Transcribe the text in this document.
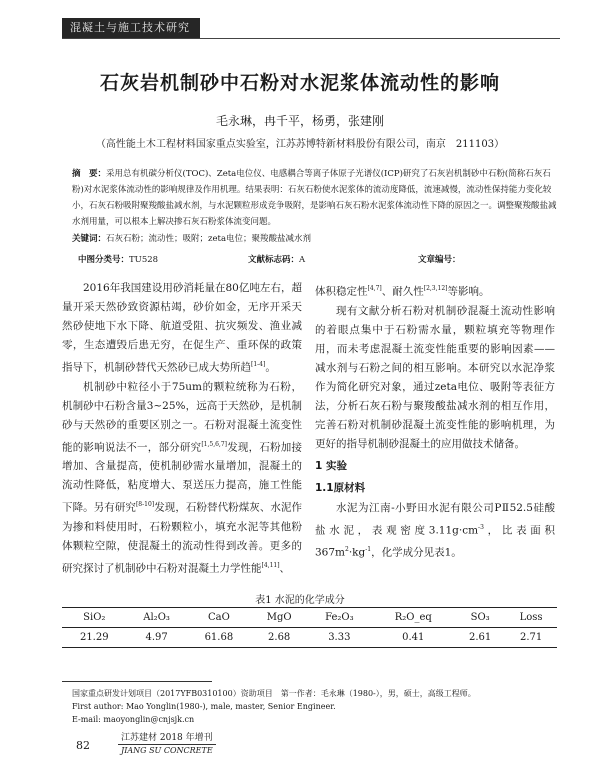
混凝土与施工技术研究
石灰岩机制砂中石粉对水泥浆体流动性的影响
毛永琳，冉千平，杨勇，张建刚
（高性能土木工程材料国家重点实验室，江苏苏博特新材料股份有限公司，南京　211103）
摘　要：采用总有机碳分析仪(TOC)、Zeta电位仪、电感耦合等离子体原子光谱仪(ICP)研究了石灰岩机制砂中石粉(简称石灰石粉)对水泥浆体流动性的影响规律及作用机理。结果表明：石灰石粉使水泥浆体的流动度降低，流速减慢，流动性保持能力变化较小，石灰石粉吸附聚羧酸盐减水剂，与水泥颗粒形成竞争吸附，是影响石灰石粉水泥浆体流动性下降的原因之一。调整聚羧酸盐减水剂用量，可以根本上解决掺石灰石粉浆体流变问题。
关键词：石灰石粉；流动性；吸附；zeta电位；聚羧酸盐减水剂
中图分类号：TU528	文献标志码：A	文章编号：

2016年我国建设用砂消耗量在80亿吨左右，超量开采天然砂致资源枯竭，砂价如金，无序开采天然砂使地下水下降、航道受阻、抗灾频发、渔业减零，生态遭毁后患无穷，在促生产、重环保的政策指导下，机制砂替代天然砂已成大势所趋[1-4]。

机制砂中粒径小于75um的颗粒统称为石粉，机制砂中石粉含量3~25%，远高于天然砂，是机制砂与天然砂的重要区别之一。石粉对混凝土流变性能的影响说法不一，部分研究[1,5,6,7]发现，石粉加接增加、含量提高，使机制砂需水量增加，混凝土的流动性降低，粘度增大、泵送压力提高，施工性能下降。另有研究[8-10]发现，石粉替代粉煤灰、水泥作为掺和料使用时，石粉颗粒小，填充水泥等其他粉体颗粒空隙，使混凝土的流动性得到改善。更多的研究探讨了机制砂中石粉对混凝土力学性能[4,11]、

体积稳定性[4,7]、耐久性[2,3,12]等影响。

现有文献分析石粉对机制砂混凝土流动性影响的着眼点集中于石粉需水量，颗粒填充等物理作用，而未考虑混凝土流变性能重要的影响因素——减水剂与石粉之间的相互影响。本研究以水泥净浆作为简化研究对象，通过zeta电位、吸附等表征方法，分析石灰石粉与聚羧酸盐减水剂的相互作用，完善石粉对机制砂混凝土流变性能的影响机理，为更好的指导机制砂混凝土的应用做技术储备。

1 实验
1.1原材料

水泥为江南-小野田水泥有限公司PⅡ52.5硅酸盐水泥，表观密度$3.11g\cdot cm^{-3}$，比表面积$367m^2\cdot kg^{-1}$，化学成分见表1。

表1 水泥的化学成分
SiO₂	Al₂O₃	CaO	MgO	Fe₂O₃	R₂O_eq	SO₃	Loss
21.29	4.97	61.68	2.68	3.33	0.41	2.61	2.71
国家重点研发计划项目（2017YFB0310100）资助项目　第一作者：毛永琳（1980-），男，硕士，高级工程师。
First author: Mao Yonglin(1980-), male, master, Senior Engineer.
E-mail: maoyonglin@cnjsjk.cn
82
江苏建材 2018 年增刊
JIANG SU CONCRETE
